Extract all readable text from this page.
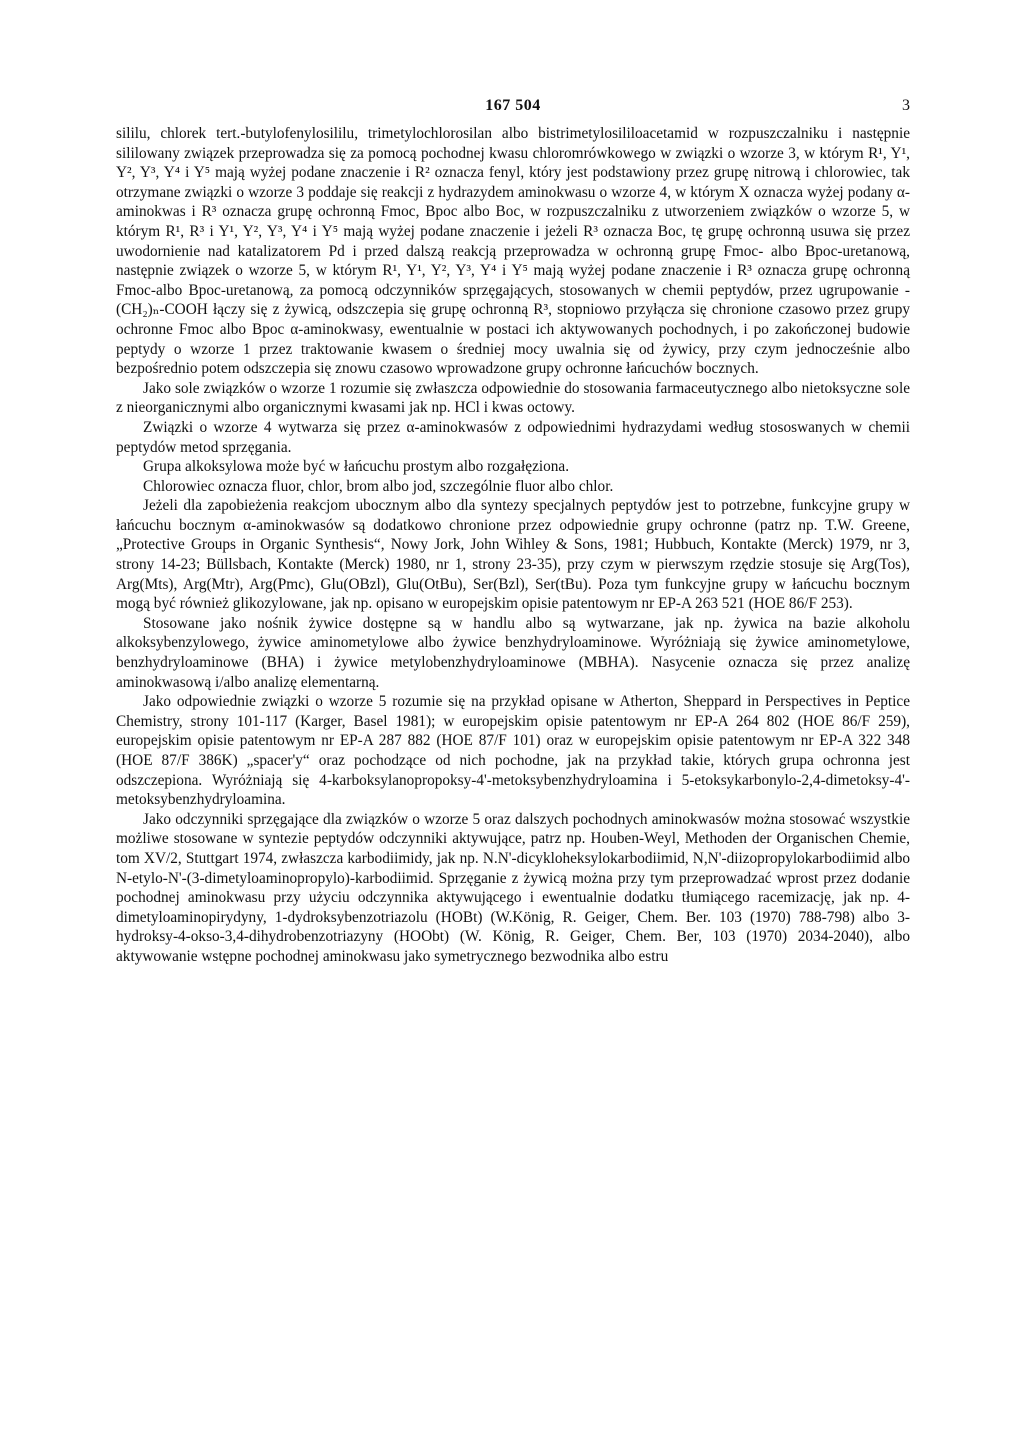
167 504	3

sililu, chlorek tert.-butylofenylosililu, trimetylochlorosilan albo bistrimetylosililoacetamid w rozpuszczalniku i następnie sililowany związek przeprowadza się za pomocą pochodnej kwasu chloromrówkowego w związki o wzorze 3, w którym R¹, Y¹, Y², Y³, Y⁴ i Y⁵ mają wyżej podane znaczenie i R² oznacza fenyl, który jest podstawiony przez grupę nitrową i chlorowiec, tak otrzymane związki o wzorze 3 poddaje się reakcji z hydrazydem aminokwasu o wzorze 4, w którym X oznacza wyżej podany α-aminokwas i R³ oznacza grupę ochronną Fmoc, Bpoc albo Boc, w rozpuszczalniku z utworzeniem związków o wzorze 5, w którym R¹, R³ i Y¹, Y², Y³, Y⁴ i Y⁵ mają wyżej podane znaczenie i jeżeli R³ oznacza Boc, tę grupę ochronną usuwa się przez uwodornienie nad katalizatorem Pd i przed dalszą reakcją przeprowadza w ochronną grupę Fmoc- albo Bpoc-uretanową, następnie związek o wzorze 5, w którym R¹, Y¹, Y², Y³, Y⁴ i Y⁵ mają wyżej podane znaczenie i R³ oznacza grupę ochronną Fmoc-albo Bpoc-uretanową, za pomocą odczynników sprzęgających, stosowanych w chemii peptydów, przez ugrupowanie -(CH₂)ₙ-COOH łączy się z żywicą, odszczepia się grupę ochronną R³, stopniowo przyłącza się chronione czasowo przez grupy ochronne Fmoc albo Bpoc α-aminokwasy, ewentualnie w postaci ich aktywowanych pochodnych, i po zakończonej budowie peptydy o wzorze 1 przez traktowanie kwasem o średniej mocy uwalnia się od żywicy, przy czym jednocześnie albo bezpośrednio potem odszczepia się znowu czasowo wprowadzone grupy ochronne łańcuchów bocznych.

Jako sole związków o wzorze 1 rozumie się zwłaszcza odpowiednie do stosowania farmaceutycznego albo nietoksyczne sole z nieorganicznymi albo organicznymi kwasami jak np. HCl i kwas octowy.

Związki o wzorze 4 wytwarza się przez α-aminokwasów z odpowiednimi hydrazydami według stososwanych w chemii peptydów metod sprzęgania.

Grupa alkoksylowa może być w łańcuchu prostym albo rozgałęziona.

Chlorowiec oznacza fluor, chlor, brom albo jod, szczególnie fluor albo chlor.

Jeżeli dla zapobieżenia reakcjom ubocznym albo dla syntezy specjalnych peptydów jest to potrzebne, funkcyjne grupy w łańcuchu bocznym α-aminokwasów są dodatkowo chronione przez odpowiednie grupy ochronne (patrz np. T.W. Greene, „Protective Groups in Organic Synthesis“, Nowy Jork, John Wihley & Sons, 1981; Hubbuch, Kontakte (Merck) 1979, nr 3, strony 14-23; Büllsbach, Kontakte (Merck) 1980, nr 1, strony 23-35), przy czym w pierwszym rzędzie stosuje się Arg(Tos), Arg(Mts), Arg(Mtr), Arg(Pmc), Glu(OBzl), Glu(OtBu), Ser(Bzl), Ser(tBu). Poza tym funkcyjne grupy w łańcuchu bocznym mogą być również glikozylowane, jak np. opisano w europejskim opisie patentowym nr EP-A 263 521 (HOE 86/F 253).

Stosowane jako nośnik żywice dostępne są w handlu albo są wytwarzane, jak np. żywica na bazie alkoholu alkoksybenzylowego, żywice aminometylowe albo żywice benzhydryloaminowe. Wyróżniają się żywice aminometylowe, benzhydryloaminowe (BHA) i żywice metylobenzhydryloaminowe (MBHA). Nasycenie oznacza się przez analizę aminokwasową i/albo analizę elementarną.

Jako odpowiednie związki o wzorze 5 rozumie się na przykład opisane w Atherton, Sheppard in Perspectives in Peptice Chemistry, strony 101-117 (Karger, Basel 1981); w europejskim opisie patentowym nr EP-A 264 802 (HOE 86/F 259), europejskim opisie patentowym nr EP-A 287 882 (HOE 87/F 101) oraz w europejskim opisie patentowym nr EP-A 322 348 (HOE 87/F 386K) „spacer'y“ oraz pochodzące od nich pochodne, jak na przykład takie, których grupa ochronna jest odszczepiona. Wyróżniają się 4-karboksylanopropoksy-4'-metoksybenzhydryloamina i 5-etoksykarbonylo-2,4-dimetoksy-4'-metoksybenzhydryloamina.

Jako odczynniki sprzęgające dla związków o wzorze 5 oraz dalszych pochodnych aminokwasów można stosować wszystkie możliwe stosowane w syntezie peptydów odczynniki aktywujące, patrz np. Houben-Weyl, Methoden der Organischen Chemie, tom XV/2, Stuttgart 1974, zwłaszcza karbodiimidy, jak np. N.N'-dicykloheksylokarbodiimid, N,N'-diizopropylokarbodiimid albo N-etylo-N'-(3-dimetyloaminopropylo)-karbodiimid. Sprzęganie z żywicą można przy tym przeprowadzać wprost przez dodanie pochodnej aminokwasu przy użyciu odczynnika aktywującego i ewentualnie dodatku tłumiącego racemizację, jak np. 4-dimetyloaminopirydyny, 1-dydroksybenzotriazolu (HOBt) (W.König, R. Geiger, Chem. Ber. 103 (1970) 788-798) albo 3-hydroksy-4-okso-3,4-dihydrobenzotriazyny (HOObt) (W. König, R. Geiger, Chem. Ber, 103 (1970) 2034-2040), albo aktywowanie wstępne pochodnej aminokwasu jako symetrycznego bezwodnika albo estru
